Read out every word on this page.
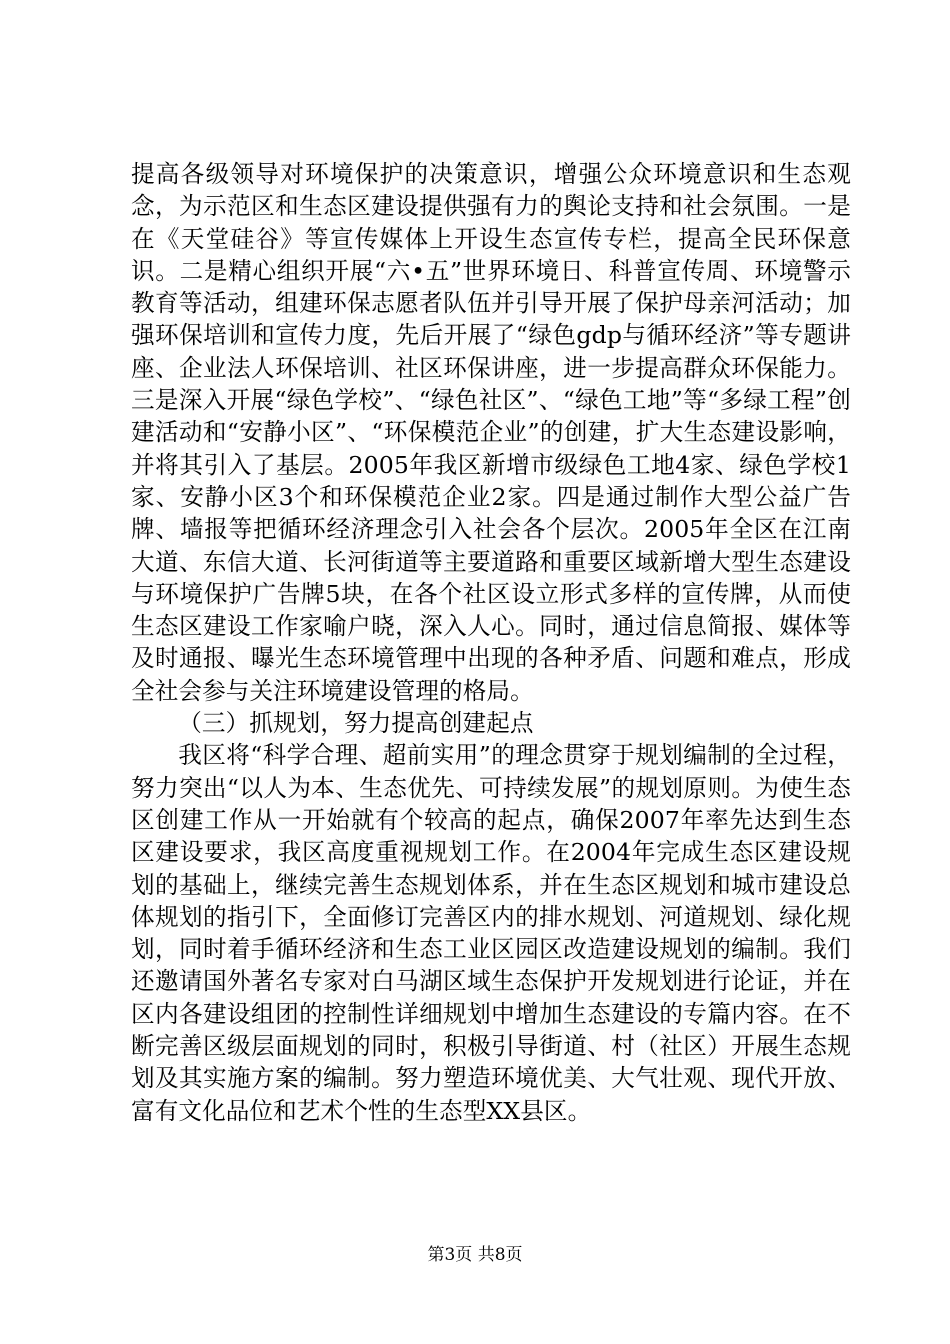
提高各级领导对环境保护的决策意识，增强公众环境意识和生态观念，为示范区和生态区建设提供强有力的舆论支持和社会氛围。一是在《天堂硅谷》等宣传媒体上开设生态宣传专栏，提高全民环保意识。二是精心组织开展“六•五”世界环境日、科普宣传周、环境警示教育等活动，组建环保志愿者队伍并引导开展了保护母亲河活动；加强环保培训和宣传力度，先后开展了“绿色gdp与循环经济”等专题讲座、企业法人环保培训、社区环保讲座，进一步提高群众环保能力。三是深入开展“绿色学校”、“绿色社区”、“绿色工地”等“多绿工程”创建活动和“安静小区”、“环保模范企业”的创建，扩大生态建设影响，并将其引入了基层。2005年我区新增市级绿色工地4家、绿色学校1家、安静小区3个和环保模范企业2家。四是通过制作大型公益广告牌、墙报等把循环经济理念引入社会各个层次。2005年全区在江南大道、东信大道、长河街道等主要道路和重要区域新增大型生态建设与环境保护广告牌5块，在各个社区设立形式多样的宣传牌，从而使生态区建设工作家喻户晓，深入人心。同时，通过信息简报、媒体等及时通报、曝光生态环境管理中出现的各种矛盾、问题和难点，形成全社会参与关注环境建设管理的格局。

（三）抓规划，努力提高创建起点

我区将“科学合理、超前实用”的理念贯穿于规划编制的全过程，努力突出“以人为本、生态优先、可持续发展”的规划原则。为使生态区创建工作从一开始就有个较高的起点，确保2007年率先达到生态区建设要求，我区高度重视规划工作。在2004年完成生态区建设规划的基础上，继续完善生态规划体系，并在生态区规划和城市建设总体规划的指引下，全面修订完善区内的排水规划、河道规划、绿化规划，同时着手循环经济和生态工业区园区改造建设规划的编制。我们还邀请国外著名专家对白马湖区域生态保护开发规划进行论证，并在区内各建设组团的控制性详细规划中增加生态建设的专篇内容。在不断完善区级层面规划的同时，积极引导街道、村（社区）开展生态规划及其实施方案的编制。努力塑造环境优美、大气壮观、现代开放、富有文化品位和艺术个性的生态型XX县区。

第3页 共8页
